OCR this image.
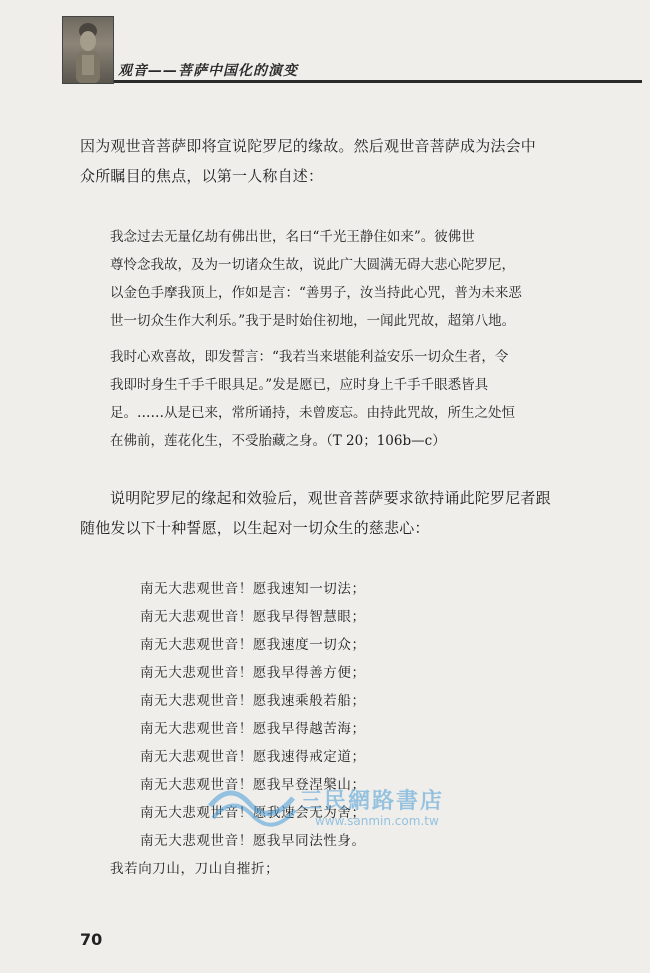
观音——菩萨中国化的演变
因为观世音菩萨即将宣说陀罗尼的缘故。然后观世音菩萨成为法会中
众所瞩目的焦点，以第一人称自述：
我念过去无量亿劫有佛出世，名曰“千光王静住如来”。彼佛世
尊怜念我故，及为一切诸众生故，说此广大圆满无碍大悲心陀罗尼，
以金色手摩我顶上，作如是言：“善男子，汝当持此心咒，普为未来恶
世一切众生作大利乐。”我于是时始住初地，一闻此咒故，超第八地。
我时心欢喜故，即发誓言：“我若当来堪能利益安乐一切众生者，令
我即时身生千手千眼具足。”发是愿已，应时身上千手千眼悉皆具
足。……从是已来，常所诵持，未曾废忘。由持此咒故，所生之处恒
在佛前，莲花化生，不受胎藏之身。（T 20；106b—c）
说明陀罗尼的缘起和效验后，观世音菩萨要求欲持诵此陀罗尼者跟
随他发以下十种誓愿，以生起对一切众生的慈悲心：
南无大悲观世音！愿我速知一切法；
南无大悲观世音！愿我早得智慧眼；
南无大悲观世音！愿我速度一切众；
南无大悲观世音！愿我早得善方便；
南无大悲观世音！愿我速乘般若船；
南无大悲观世音！愿我早得越苦海；
南无大悲观世音！愿我速得戒定道；
南无大悲观世音！愿我早登涅槃山；
南无大悲观世音！愿我速会无为舍；
南无大悲观世音！愿我早同法性身。
我若向刀山，刀山自摧折；
三民網路書店
www.sanmin.com.tw
70
